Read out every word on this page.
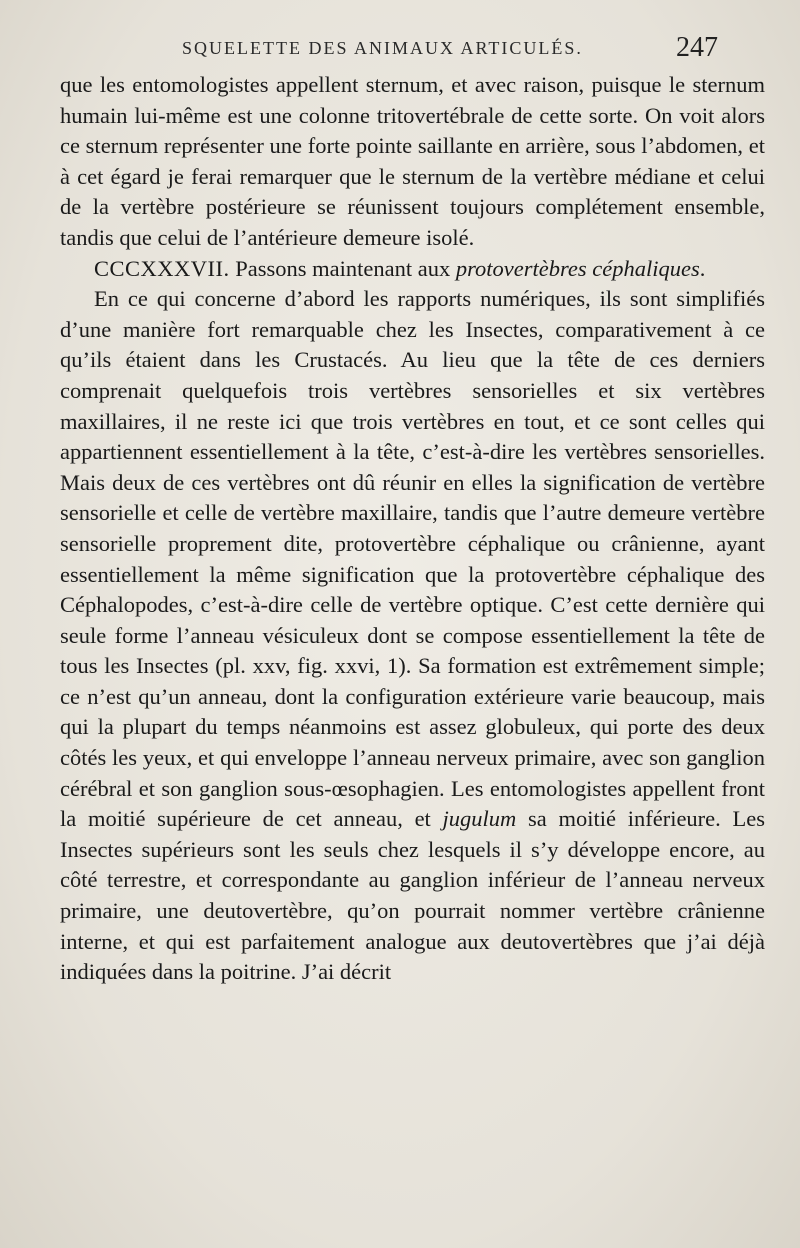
SQUELETTE DES ANIMAUX ARTICULÉS.	247

que les entomologistes appellent sternum, et avec raison, puisque le sternum humain lui-même est une colonne tritovertébrale de cette sorte. On voit alors ce sternum représenter une forte pointe saillante en arrière, sous l’abdomen, et à cet égard je ferai remarquer que le sternum de la vertèbre médiane et celui de la vertèbre postérieure se réunissent toujours complétement ensemble, tandis que celui de l’antérieure demeure isolé.

CCCXXXVII. Passons maintenant aux protovertèbres céphaliques.

En ce qui concerne d’abord les rapports numériques, ils sont simplifiés d’une manière fort remarquable chez les Insectes, comparativement à ce qu’ils étaient dans les Crustacés. Au lieu que la tête de ces derniers comprenait quelquefois trois vertèbres sensorielles et six vertèbres maxillaires, il ne reste ici que trois vertèbres en tout, et ce sont celles qui appartiennent essentiellement à la tête, c’est-à-dire les vertèbres sensorielles. Mais deux de ces vertèbres ont dû réunir en elles la signification de vertèbre sensorielle et celle de vertèbre maxillaire, tandis que l’autre demeure vertèbre sensorielle proprement dite, protovertèbre céphalique ou crânienne, ayant essentiellement la même signification que la protovertèbre céphalique des Céphalopodes, c’est-à-dire celle de vertèbre optique. C’est cette dernière qui seule forme l’anneau vésiculeux dont se compose essentiellement la tête de tous les Insectes (pl. xxv, fig. xxvi, 1). Sa formation est extrêmement simple; ce n’est qu’un anneau, dont la configuration extérieure varie beaucoup, mais qui la plupart du temps néanmoins est assez globuleux, qui porte des deux côtés les yeux, et qui enveloppe l’anneau nerveux primaire, avec son ganglion cérébral et son ganglion sous-œsophagien. Les entomologistes appellent front la moitié supérieure de cet anneau, et jugulum sa moitié inférieure. Les Insectes supérieurs sont les seuls chez lesquels il s’y développe encore, au côté terrestre, et correspondante au ganglion inférieur de l’anneau nerveux primaire, une deutovertèbre, qu’on pourrait nommer vertèbre crânienne interne, et qui est parfaitement analogue aux deutovertèbres que j’ai déjà indiquées dans la poitrine. J’ai décrit
